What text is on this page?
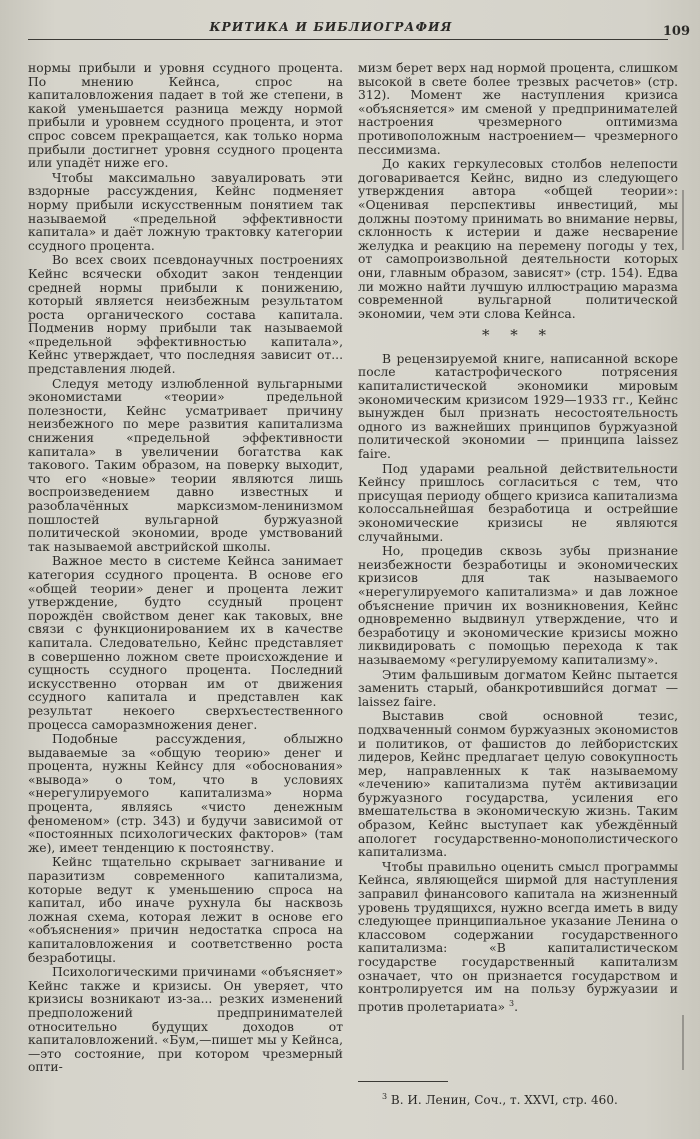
КРИТИКА И БИБЛИОГРАФИЯ	109

нормы прибыли и уровня ссудного процента. По мнению Кейнса, спрос на капиталовложения падает в той же степени, в какой уменьшается разница между нормой прибыли и уровнем ссудного процента, и этот спрос совсем прекращается, как только норма прибыли достигнет уровня ссудного процента или упадёт ниже его.

Чтобы максимально завуалировать эти вздорные рассуждения, Кейнс подменяет норму прибыли искусственным понятием так называемой «предельной эффективности капитала» и даёт ложную трактовку категории ссудного процента.

Во всех своих псевдонаучных построениях Кейнс всячески обходит закон тенденции средней нормы прибыли к понижению, который является неизбежным результатом роста органического состава капитала. Подменив норму прибыли так называемой «предельной эффективностью капитала», Кейнс утверждает, что последняя зависит от... представления людей.

Следуя методу излюбленной вульгарными экономистами «теории» предельной полезности, Кейнс усматривает причину неизбежного по мере развития капитализма снижения «предельной эффективности капитала» в увеличении богатства как такового. Таким образом, на поверку выходит, что его «новые» теории являются лишь воспроизведением давно известных и разоблачённых марксизмом-ленинизмом пошлостей вульгарной буржуазной политической экономии, вроде умствований так называемой австрийской школы.

Важное место в системе Кейнса занимает категория ссудного процента. В основе его «общей теории» денег и процента лежит утверждение, будто ссудный процент порождён свойством денег как таковых, вне связи с функционированием их в качестве капитала. Следовательно, Кейнс представляет в совершенно ложном свете происхождение и сущность ссудного процента. Последний искусственно оторван им от движения ссудного капитала и представлен как результат некоего сверхъестественного процесса саморазмножения денег.

Подобные рассуждения, облыжно выдаваемые за «общую теорию» денег и процента, нужны Кейнсу для «обоснования» «вывода» о том, что в условиях «нерегулируемого капитализма» норма процента, являясь «чисто денежным феноменом» (стр. 343) и будучи зависимой от «постоянных психологических факторов» (там же), имеет тенденцию к постоянству.

Кейнс тщательно скрывает загнивание и паразитизм современного капитализма, которые ведут к уменьшению спроса на капитал, ибо иначе рухнула бы насквозь ложная схема, которая лежит в основе его «объяснения» причин недостатка спроса на капиталовложения и соответственно роста безработицы.

Психологическими причинами «объясняет» Кейнс также и кризисы. Он уверяет, что кризисы возникают из-за... резких изменений предположений предпринимателей относительно будущих доходов от капиталовложений. «Бум,—пишет мы у Кейнса,—это состояние, при котором чрезмерный опти-

мизм берет верх над нормой процента, слишком высокой в свете более трезвых расчетов» (стр. 312). Момент же наступления кризиса «объясняется» им сменой у предпринимателей настроения чрезмерного оптимизма противоположным настроением— чрезмерного пессимизма.

До каких геркулесовых столбов нелепости договаривается Кейнс, видно из следующего утверждения автора «общей теории»: «Оценивая перспективы инвестиций, мы должны поэтому принимать во внимание нервы, склонность к истерии и даже несварение желудка и реакцию на перемену погоды у тех, от самопроизвольной деятельности которых они, главным образом, зависят» (стр. 154). Едва ли можно найти лучшую иллюстрацию маразма современной вульгарной политической экономии, чем эти слова Кейнса.

* * *

В рецензируемой книге, написанной вскоре после катастрофического потрясения капиталистической экономики мировым экономическим кризисом 1929—1933 гг., Кейнс вынужден был признать несостоятельность одного из важнейших принципов буржуазной политической экономии — принципа laissez faire.

Под ударами реальной действительности Кейнсу пришлось согласиться с тем, что присущая периоду общего кризиса капитализма колоссальнейшая безработица и острейшие экономические кризисы не являются случайными.

Но, процедив сквозь зубы признание неизбежности безработицы и экономических кризисов для так называемого «нерегулируемого капитализма» и дав ложное объяснение причин их возникновения, Кейнс одновременно выдвинул утверждение, что и безработицу и экономические кризисы можно ликвидировать с помощью перехода к так называемому «регулируемому капитализму».

Этим фальшивым догматом Кейнс пытается заменить старый, обанкротившийся догмат — laissez faire.

Выставив свой основной тезис, подхваченный сонмом буржуазных экономистов и политиков, от фашистов до лейбористских лидеров, Кейнс предлагает целую совокупность мер, направленных к так называемому «лечению» капитализма путём активизации буржуазного государства, усиления его вмешательства в экономическую жизнь. Таким образом, Кейнс выступает как убеждённый апологет государственно-монополистического капитализма.

Чтобы правильно оценить смысл программы Кейнса, являющейся ширмой для наступления заправил финансового капитала на жизненный уровень трудящихся, нужно всегда иметь в виду следующее принципиальное указание Ленина о классовом содержании государственного капитализма: «В капиталистическом государстве государственный капитализм означает, что он признается государством и контролируется им на пользу буржуазии и против пролетариата» $^3$.

$^3$ В. И. Ленин, Соч., т. XXVI, стр. 460.
